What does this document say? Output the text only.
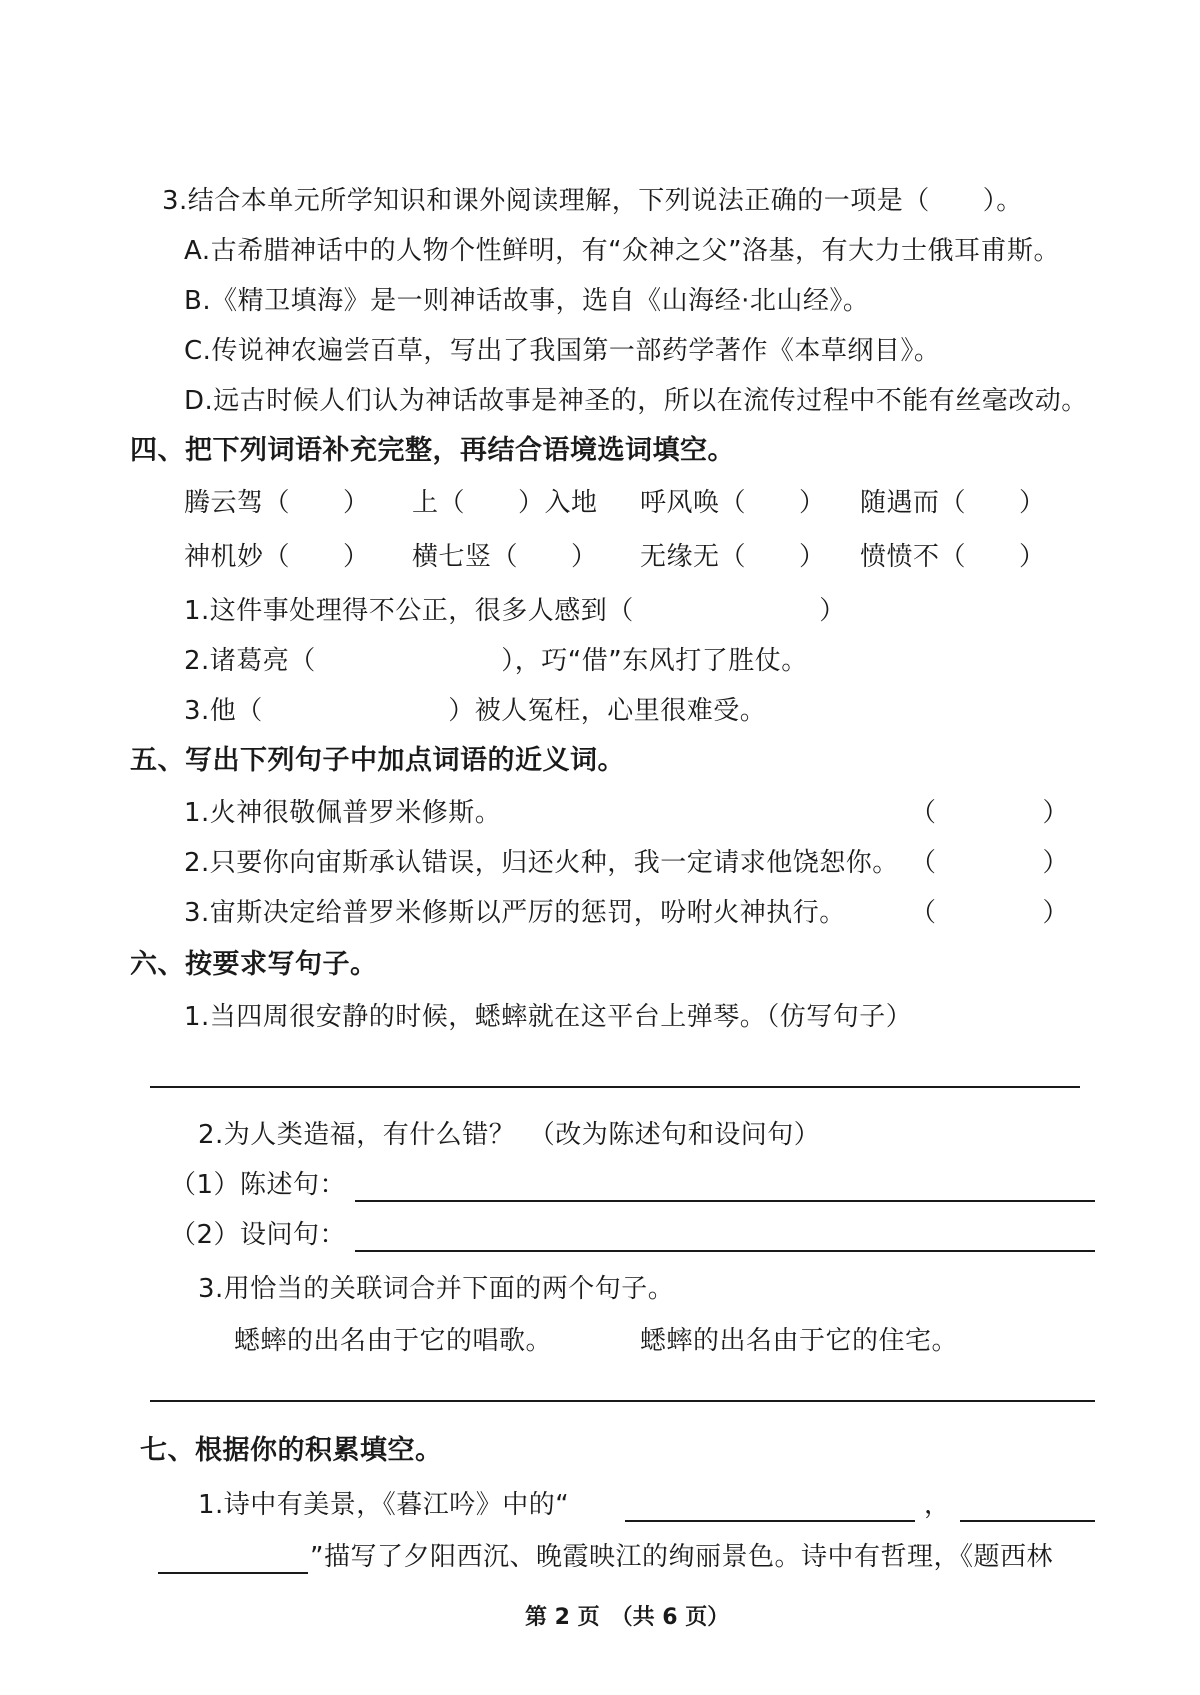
3.结合本单元所学知识和课外阅读理解，下列说法正确的一项是（　　）。
A.古希腊神话中的人物个性鲜明，有“众神之父”洛基，有大力士俄耳甫斯。
B.《精卫填海》是一则神话故事，选自《山海经·北山经》。
C.传说神农遍尝百草，写出了我国第一部药学著作《本草纲目》。
D.远古时候人们认为神话故事是神圣的，所以在流传过程中不能有丝毫改动。
四、把下列词语补充完整，再结合语境选词填空。
腾云驾（　　） 上（　　）入地 呼风唤（　　） 随遇而（　　）
神机妙（　　） 横七竖（　　） 无缘无（　　） 愤愤不（　　）
1.这件事处理得不公正，很多人感到（　　　　　　　）
2.诸葛亮（　　　　　　　），巧“借”东风打了胜仗。
3.他（　　　　　　　）被人冤枉，心里很难受。
五、写出下列句子中加点词语的近义词。
1.火神很敬佩普罗米修斯。	（　　　　）
2.只要你向宙斯承认错误，归还火种，我一定请求他饶恕你。 （　　　　）
3.宙斯决定给普罗米修斯以严厉的惩罚，吩咐火神执行。 （　　　　）
六、按要求写句子。
1.当四周很安静的时候，蟋蟀就在这平台上弹琴。（仿写句子）
2.为人类造福，有什么错？　（改为陈述句和设问句）
（1）陈述句：
（2）设问句：
3.用恰当的关联词合并下面的两个句子。
蟋蟀的出名由于它的唱歌。	蟋蟀的出名由于它的住宅。
七、根据你的积累填空。
1.诗中有美景，《暮江吟》中的“	，
”描写了夕阳西沉、晚霞映江的绚丽景色。诗中有哲理，《题西林
第 2 页　（共 6 页）
